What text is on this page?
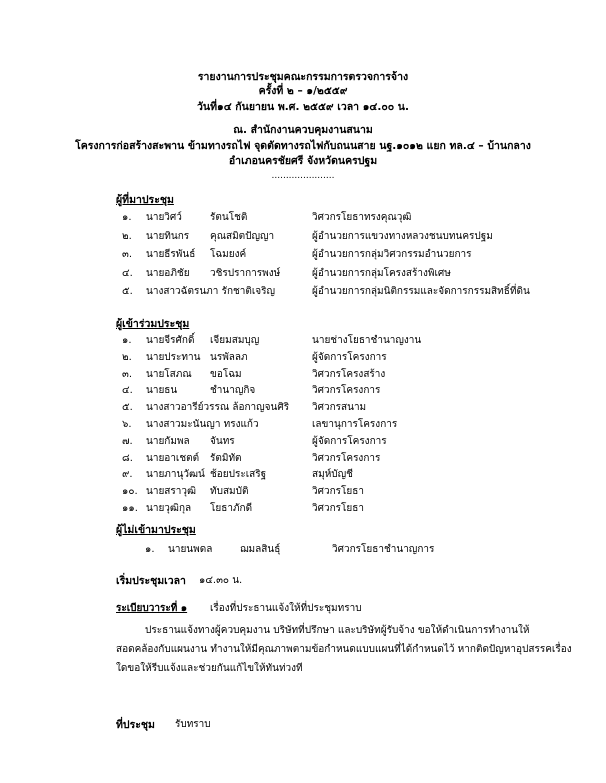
รายงานการประชุมคณะกรรมการตรวจการจ้าง
ครั้งที่ ๒ – ๑/๒๕๕๙
วันที่๑๔ กันยายน พ.ศ. ๒๕๕๙ เวลา ๑๔.๐๐ น.
ณ. สำนักงานควบคุมงานสนาม
โครงการก่อสร้างสะพาน ข้ามทางรถไฟ จุดตัดทางรถไฟกับถนนสาย นฐ.๑๐๑๒ แยก ทล.๔ – บ้านกลาง
อำเภอนครชัยศรี จังหวัดนครปฐม
......................
ผู้ที่มาประชุม
๑. นายวิศว์	รัตนโชติ	วิศวกรโยธาทรงคุณวุฒิ
๒. นายทินกร คุณสมิตปัญญา	ผู้อำนวยการแขวงทางหลวงชนบทนครปฐม
๓. นายธีรพันธ์ โฉมยงค์	ผู้อำนวยการกลุ่มวิศวกรรมอำนวยการ
๔. นายอภิชัย วชิรปราการพงษ์	ผู้อำนวยการกลุ่มโครงสร้างพิเศษ
๕. นางสาวฉัตรนภา รักชาติเจริญ	ผู้อำนวยการกลุ่มนิติกรรมและจัดการกรรมสิทธิ์ที่ดิน
ผู้เข้าร่วมประชุม
๑. นายจีรศักดิ์ เจียมสมบุญ	นายช่างโยธาชำนาญงาน
๒. นายประทาน นรพัลลภ	ผู้จัดการโครงการ
๓. นายโสภณ ขอโฉม	วิศวกรโครงสร้าง
๔. นายธน	ชำนาญกิจ	วิศวกรโครงการ
๕. นางสาวอารีย์วรรณ ล้อกาญจนศิริ วิศวกรสนาม
๖. นางสาวมะนันญา ทรงแก้ว	เลขานุการโครงการ
๗. นายกัมพล จันทร	ผู้จัดการโครงการ
๘. นายอาเชตต์ รัตมิทัต	วิศวกรโครงการ
๙. นายภานุวัฒน์ ช้อยประเสริฐ	สมุห์บัญชี
๑๐. นายสราวุฒิ ทับสมบัติ	วิศวกรโยธา
๑๑. นายวุฒิกุล โยธาภักดี	วิศวกรโยธา
ผู้ไม่เข้ามาประชุม
๑. นายนพดล	ฌมลสินธุ์	วิศวกรโยธาชำนาญการ
เริ่มประชุมเวลา ๑๔.๓๐ น.
ระเบียบวาระที่ ๑ เรื่องที่ประธานแจ้งให้ที่ประชุมทราบ
ประธานแจ้งทางผู้ควบคุมงาน บริษัทที่ปรึกษา และบริษัทผู้รับจ้าง ขอให้ดำเนินการทำงานให้
สอดคล้องกับแผนงาน ทำงานให้มีคุณภาพตามข้อกำหนดแบบแผนที่ได้กำหนดไว้ หากติดปัญหาอุปสรรคเรื่อง
ใดขอให้รีบแจ้งและช่วยกันแก้ไขให้ทันท่วงที
ที่ประชุม รับทราบ
